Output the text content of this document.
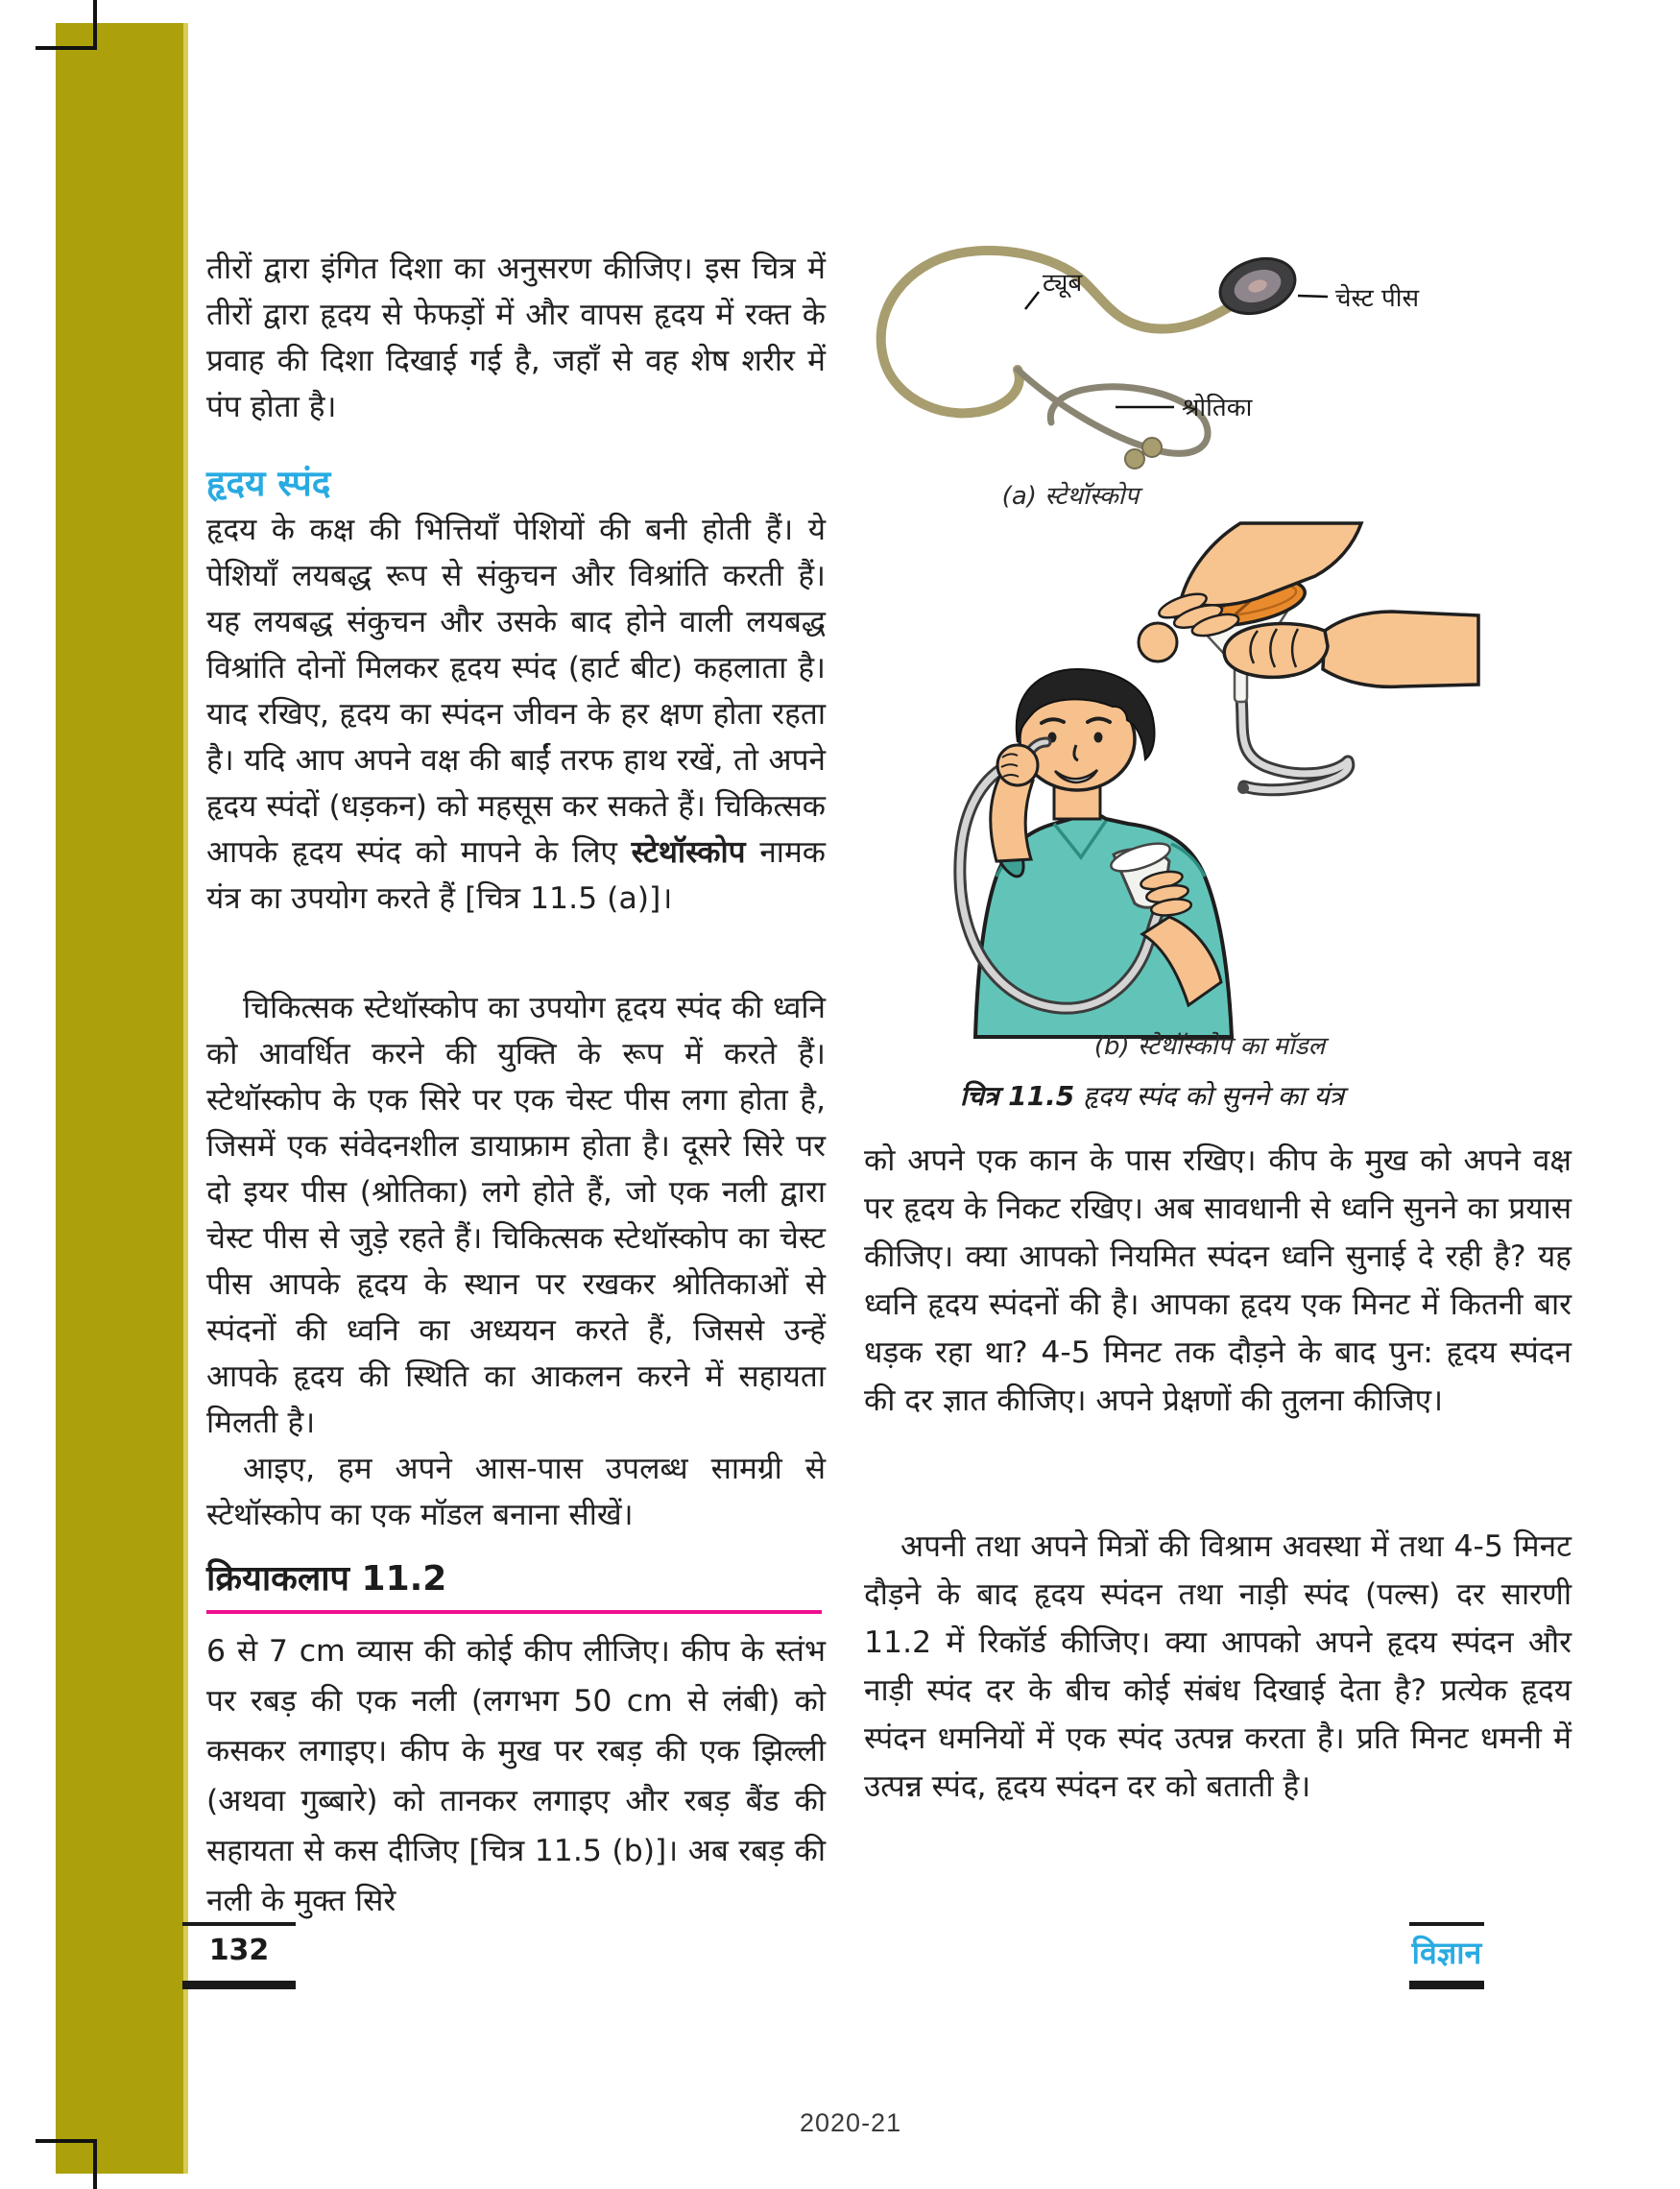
तीरों द्वारा इंगित दिशा का अनुसरण कीजिए। इस चित्र में तीरों द्वारा हृदय से फेफड़ों में और वापस हृदय में रक्त के प्रवाह की दिशा दिखाई गई है, जहाँ से वह शेष शरीर में पंप होता है।

हृदय स्पंद

हृदय के कक्ष की भित्तियाँ पेशियों की बनी होती हैं। ये पेशियाँ लयबद्ध रूप से संकुचन और विश्रांति करती हैं। यह लयबद्ध संकुचन और उसके बाद होने वाली लयबद्ध विश्रांति दोनों मिलकर हृदय स्पंद (हार्ट बीट) कहलाता है। याद रखिए, हृदय का स्पंदन जीवन के हर क्षण होता रहता है। यदि आप अपने वक्ष की बाईं तरफ हाथ रखें, तो अपने हृदय स्पंदों (धड़कन) को महसूस कर सकते हैं। चिकित्सक आपके हृदय स्पंद को मापने के लिए स्टेथॉस्कोप नामक यंत्र का उपयोग करते हैं [चित्र 11.5 (a)]।

चिकित्सक स्टेथॉस्कोप का उपयोग हृदय स्पंद की ध्वनि को आवर्धित करने की युक्ति के रूप में करते हैं। स्टेथॉस्कोप के एक सिरे पर एक चेस्ट पीस लगा होता है, जिसमें एक संवेदनशील डायाफ्राम होता है। दूसरे सिरे पर दो इयर पीस (श्रोतिका) लगे होते हैं, जो एक नली द्वारा चेस्ट पीस से जुड़े रहते हैं। चिकित्सक स्टेथॉस्कोप का चेस्ट पीस आपके हृदय के स्थान पर रखकर श्रोतिकाओं से स्पंदनों की ध्वनि का अध्ययन करते हैं, जिससे उन्हें आपके हृदय की स्थिति का आकलन करने में सहायता मिलती है।

आइए, हम अपने आस-पास उपलब्ध सामग्री से स्टेथॉस्कोप का एक मॉडल बनाना सीखें।

क्रियाकलाप 11.2

6 से 7 cm व्यास की कोई कीप लीजिए। कीप के स्तंभ पर रबड़ की एक नली (लगभग 50 cm से लंबी) को कसकर लगाइए। कीप के मुख पर रबड़ की एक झिल्ली (अथवा गुब्बारे) को तानकर लगाइए और रबड़ बैंड की सहायता से कस दीजिए [चित्र 11.5 (b)]। अब रबड़ की नली के मुक्त सिरे

132
ट्यूब
चेस्ट पीस
श्रोतिका

(a) स्टेथॉस्कोप

(b) स्टेथॉस्कोप का मॉडल

चित्र 11.5 हृदय स्पंद को सुनने का यंत्र

को अपने एक कान के पास रखिए। कीप के मुख को अपने वक्ष पर हृदय के निकट रखिए। अब सावधानी से ध्वनि सुनने का प्रयास कीजिए। क्या आपको नियमित स्पंदन ध्वनि सुनाई दे रही है? यह ध्वनि हृदय स्पंदनों की है। आपका हृदय एक मिनट में कितनी बार धड़क रहा था? 4-5 मिनट तक दौड़ने के बाद पुन: हृदय स्पंदन की दर ज्ञात कीजिए। अपने प्रेक्षणों की तुलना कीजिए।

अपनी तथा अपने मित्रों की विश्राम अवस्था में तथा 4-5 मिनट दौड़ने के बाद हृदय स्पंदन तथा नाड़ी स्पंद (पल्स) दर सारणी 11.2 में रिकॉर्ड कीजिए। क्या आपको अपने हृदय स्पंदन और नाड़ी स्पंद दर के बीच कोई संबंध दिखाई देता है? प्रत्येक हृदय स्पंदन धमनियों में एक स्पंद उत्पन्न करता है। प्रति मिनट धमनी में उत्पन्न स्पंद, हृदय स्पंदन दर को बताती है।

विज्ञान
2020-21
